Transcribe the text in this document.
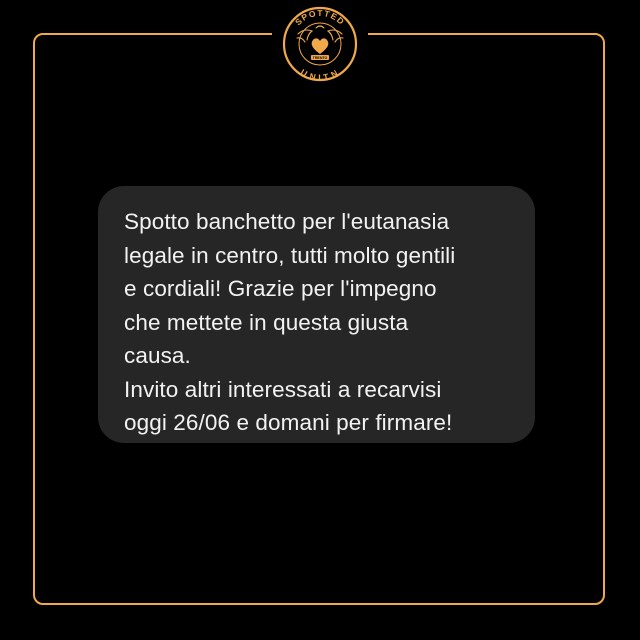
SPOTTED
UNITN
TRENTO
Spotto banchetto per l'eutanasia
legale in centro, tutti molto gentili
e cordiali! Grazie per l'impegno
che mettete in questa giusta
causa.
Invito altri interessati a recarvisi
oggi 26/06 e domani per firmare!
